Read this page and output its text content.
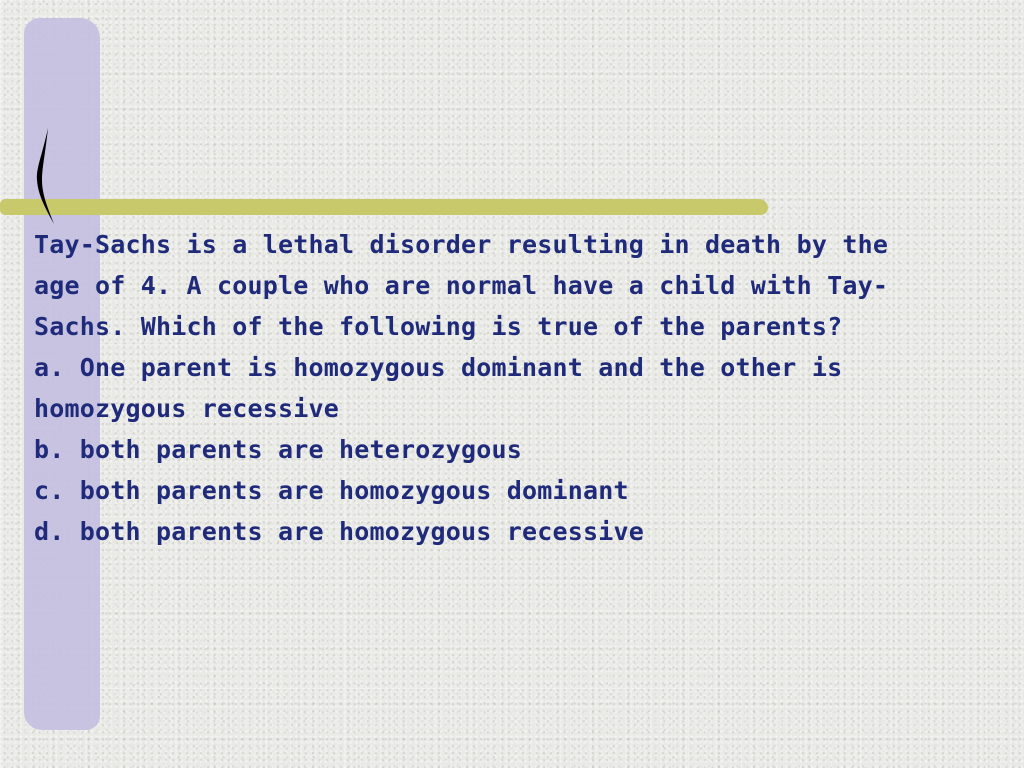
Tay-Sachs is a lethal disorder resulting in death by the
age of 4. A couple who are normal have a child with Tay-
Sachs. Which of the following is true of the parents?
a. One parent is homozygous dominant and the other is
homozygous recessive
b. both parents are heterozygous
c. both parents are homozygous dominant
d. both parents are homozygous recessive
